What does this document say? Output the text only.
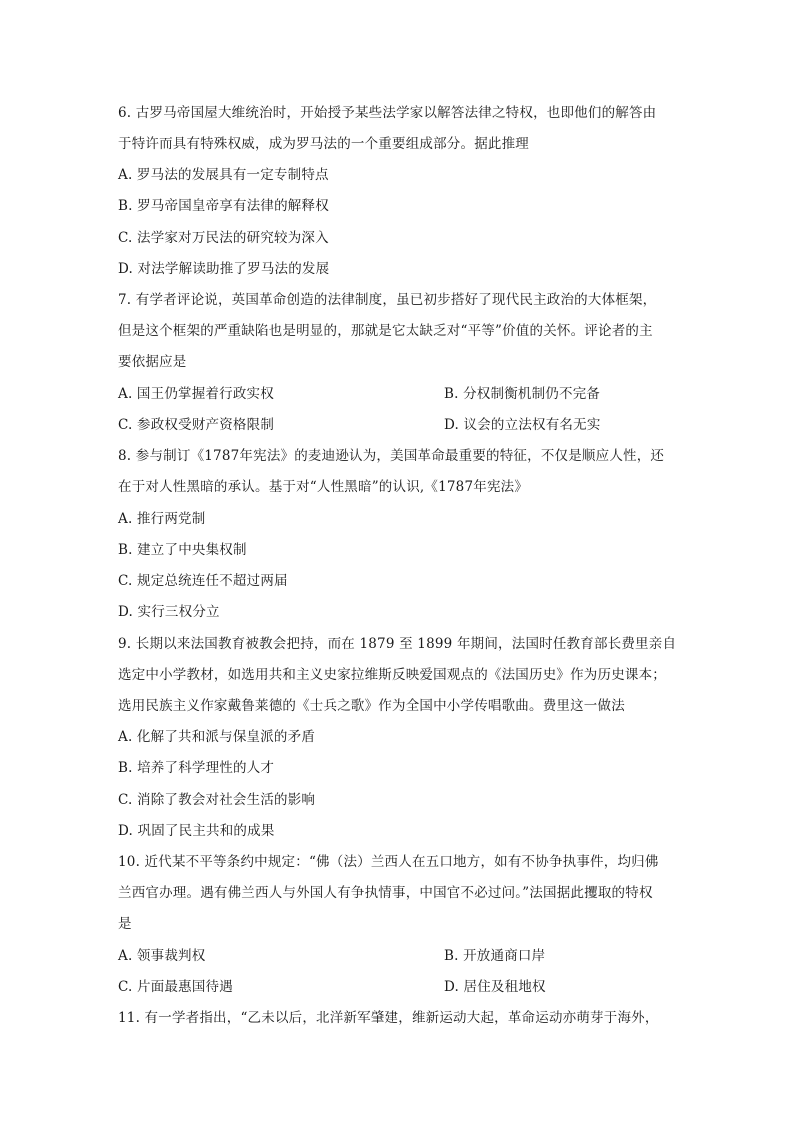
6. 古罗马帝国屋大维统治时，开始授予某些法学家以解答法律之特权，也即他们的解答由
于特许而具有特殊权威，成为罗马法的一个重要组成部分。据此推理
A. 罗马法的发展具有一定专制特点
B. 罗马帝国皇帝享有法律的解释权
C. 法学家对万民法的研究较为深入
D. 对法学解读助推了罗马法的发展
7. 有学者评论说，英国革命创造的法律制度，虽已初步搭好了现代民主政治的大体框架，
但是这个框架的严重缺陷也是明显的，那就是它太缺乏对“平等”价值的关怀。评论者的主
要依据应是
A. 国王仍掌握着行政实权	B. 分权制衡机制仍不完备
C. 参政权受财产资格限制	D. 议会的立法权有名无实
8. 参与制订《1787年宪法》的麦迪逊认为，美国革命最重要的特征，不仅是顺应人性，还
在于对人性黑暗的承认。基于对“人性黑暗”的认识,《1787年宪法》
A. 推行两党制
B. 建立了中央集权制
C. 规定总统连任不超过两届
D. 实行三权分立
9. 长期以来法国教育被教会把持，而在 1879 至 1899 年期间，法国时任教育部长费里亲自
选定中小学教材，如选用共和主义史家拉维斯反映爱国观点的《法国历史》作为历史课本；
选用民族主义作家戴鲁莱德的《士兵之歌》作为全国中小学传唱歌曲。费里这一做法
A. 化解了共和派与保皇派的矛盾
B. 培养了科学理性的人才
C. 消除了教会对社会生活的影响
D. 巩固了民主共和的成果
10. 近代某不平等条约中规定：“佛（法）兰西人在五口地方，如有不协争执事件，均归佛
兰西官办理。遇有佛兰西人与外国人有争执情事，中国官不必过问。”法国据此攫取的特权
是
A. 领事裁判权	B. 开放通商口岸
C. 片面最惠国待遇	D. 居住及租地权
11. 有一学者指出，“乙未以后，北洋新军肇建，维新运动大起，革命运动亦萌芽于海外，
